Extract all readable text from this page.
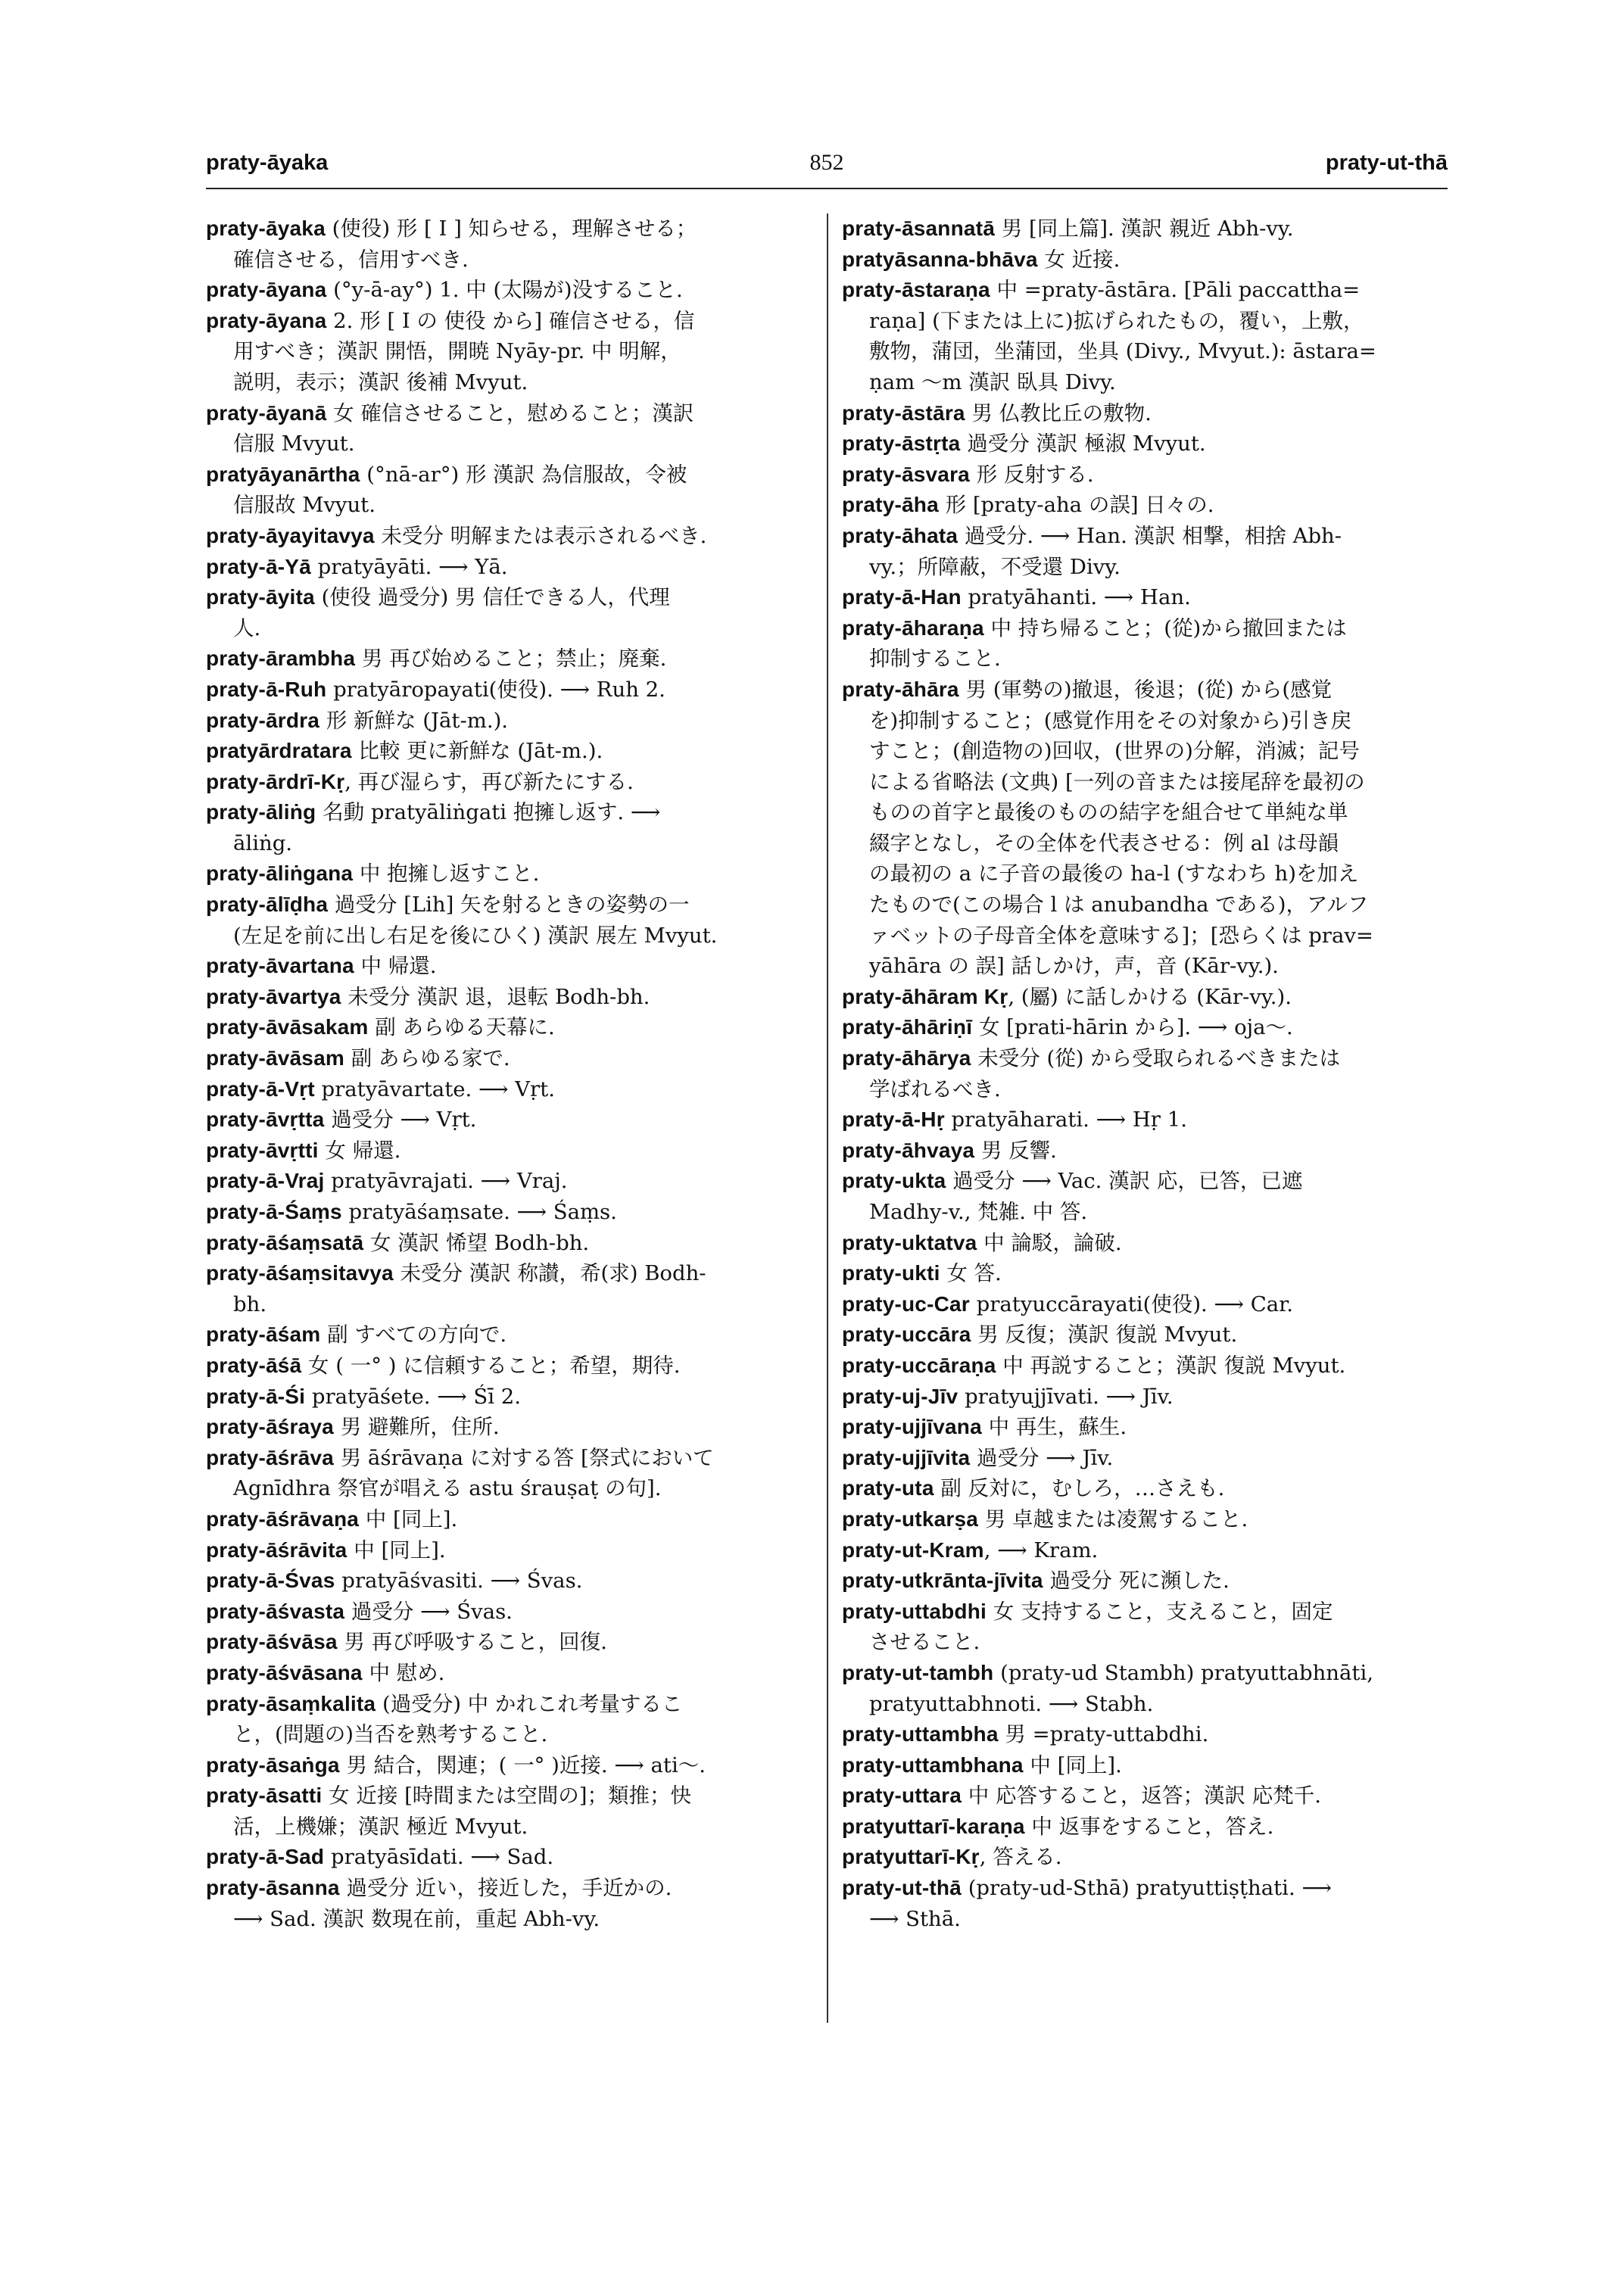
praty-āyaka	852	praty-ut-thā
praty-āyaka (使役) 形 [ I ] 知らせる，理解させる；
確信させる，信用すべき.
praty-āyana (°y-ā-ay°) 1. 中 (太陽が)没すること.
praty-āyana 2. 形 [ I の 使役 から] 確信させる，信
用すべき；漢訳 開悟，開暁 Nyāy-pr. 中 明解，
説明，表示；漢訳 後補 Mvyut.
praty-āyanā 女 確信させること，慰めること；漢訳
信服 Mvyut.
pratyāyanārtha (°nā-ar°) 形 漢訳 為信服故，令被
信服故 Mvyut.
praty-āyayitavya 未受分 明解または表示されるべき.
praty-ā-Yā pratyāyāti. ⟶ Yā.
praty-āyita (使役 過受分) 男 信任できる人，代理
人.
praty-ārambha 男 再び始めること；禁止；廃棄.
praty-ā-Ruh pratyāropayati(使役). ⟶ Ruh 2.
praty-ārdra 形 新鮮な (Jāt-m.).
pratyārdratara 比較 更に新鮮な (Jāt-m.).
praty-ārdrī-Kṛ, 再び湿らす，再び新たにする.
praty-āliṅg 名動 pratyāliṅgati 抱擁し返す. ⟶
āliṅg.
praty-āliṅgana 中 抱擁し返すこと.
praty-ālīḍha 過受分 [Lih] 矢を射るときの姿勢の一
(左足を前に出し右足を後にひく) 漢訳 展左 Mvyut.
praty-āvartana 中 帰還.
praty-āvartya 未受分 漢訳 退，退転 Bodh-bh.
praty-āvāsakam 副 あらゆる天幕に.
praty-āvāsam 副 あらゆる家で.
praty-ā-Vṛt pratyāvartate. ⟶ Vṛt.
praty-āvṛtta 過受分 ⟶ Vṛt.
praty-āvṛtti 女 帰還.
praty-ā-Vraj pratyāvrajati. ⟶ Vraj.
praty-ā-Śaṃs pratyāśaṃsate. ⟶ Śaṃs.
praty-āśaṃsatā 女 漢訳 悕望 Bodh-bh.
praty-āśaṃsitavya 未受分 漢訳 称讃，希(求) Bodh-
bh.
praty-āśam 副 すべての方向で.
praty-āśā 女 ( 一° ) に信頼すること；希望，期待.
praty-ā-Śi pratyāśete. ⟶ Śī 2.
praty-āśraya 男 避難所，住所.
praty-āśrāva 男 āśrāvaṇa に対する答 [祭式において
Agnīdhra 祭官が唱える astu śrauṣaṭ の句].
praty-āśrāvaṇa 中 [同上].
praty-āśrāvita 中 [同上].
praty-ā-Śvas pratyāśvasiti. ⟶ Śvas.
praty-āśvasta 過受分 ⟶ Śvas.
praty-āśvāsa 男 再び呼吸すること，回復.
praty-āśvāsana 中 慰め.
praty-āsaṃkalita (過受分) 中 かれこれ考量するこ
と，(問題の)当否を熟考すること.
praty-āsaṅga 男 結合，関連；( 一° )近接. ⟶ ati～.
praty-āsatti 女 近接 [時間または空間の]；類推；快
活，上機嫌；漢訳 極近 Mvyut.
praty-ā-Sad pratyāsīdati. ⟶ Sad.
praty-āsanna 過受分 近い，接近した，手近かの.
⟶ Sad. 漢訳 数現在前，重起 Abh-vy.
praty-āsannatā 男 [同上篇]. 漢訳 親近 Abh-vy.
pratyāsanna-bhāva 女 近接.
praty-āstaraṇa 中 =praty-āstāra. [Pāli paccattha=
raṇa] (下または上に)拡げられたもの，覆い，上敷，
敷物，蒲団，坐蒲団，坐具 (Divy., Mvyut.): āstara=
ṇam ～m 漢訳 臥具 Divy.
praty-āstāra 男 仏教比丘の敷物.
praty-āstṛta 過受分 漢訳 極淑 Mvyut.
praty-āsvara 形 反射する.
praty-āha 形 [praty-aha の誤] 日々の.
praty-āhata 過受分. ⟶ Han. 漢訳 相撃，相捨 Abh-
vy.；所障蔽，不受還 Divy.
praty-ā-Han pratyāhanti. ⟶ Han.
praty-āharaṇa 中 持ち帰ること；(從)から撤回または
抑制すること.
praty-āhāra 男 (軍勢の)撤退，後退；(從) から(感覚
を)抑制すること；(感覚作用をその対象から)引き戻
すこと；(創造物の)回収，(世界の)分解，消滅；記号
による省略法 (文典) [一列の音または接尾辞を最初の
ものの首字と最後のものの結字を組合せて単純な単
綴字となし，その全体を代表させる：例 al は母韻
の最初の a に子音の最後の ha-l (すなわち h)を加え
たもので(この場合 l は anubandha である)，アルフ
ァベットの子母音全体を意味する]；[恐らくは prav=
yāhāra の 誤] 話しかけ，声，音 (Kār-vy.).
praty-āhāram Kṛ, (屬) に話しかける (Kār-vy.).
praty-āhāriṇī 女 [prati-hārin から]. ⟶ oja～.
praty-āhārya 未受分 (從) から受取られるべきまたは
学ばれるべき.
praty-ā-Hṛ pratyāharati. ⟶ Hṛ 1.
praty-āhvaya 男 反響.
praty-ukta 過受分 ⟶ Vac. 漢訳 応，已答，已遮
Madhy-v., 梵雑. 中 答.
praty-uktatva 中 論駁，論破.
praty-ukti 女 答.
praty-uc-Car pratyuccārayati(使役). ⟶ Car.
praty-uccāra 男 反復；漢訳 復説 Mvyut.
praty-uccāraṇa 中 再説すること；漢訳 復説 Mvyut.
praty-uj-Jīv pratyujjīvati. ⟶ Jīv.
praty-ujjīvana 中 再生，蘇生.
praty-ujjīvita 過受分 ⟶ Jīv.
praty-uta 副 反対に，むしろ，…さえも.
praty-utkarṣa 男 卓越または凌駕すること.
praty-ut-Kram, ⟶ Kram.
praty-utkrānta-jīvita 過受分 死に瀕した.
praty-uttabdhi 女 支持すること，支えること，固定
させること.
praty-ut-tambh (praty-ud Stambh) pratyuttabhnāti,
pratyuttabhnoti. ⟶ Stabh.
praty-uttambha 男 =praty-uttabdhi.
praty-uttambhana 中 [同上].
praty-uttara 中 応答すること，返答；漢訳 応梵千.
pratyuttarī-karaṇa 中 返事をすること，答え.
pratyuttarī-Kṛ, 答える.
praty-ut-thā (praty-ud-Sthā) pratyuttiṣṭhati. ⟶
⟶ Sthā.
